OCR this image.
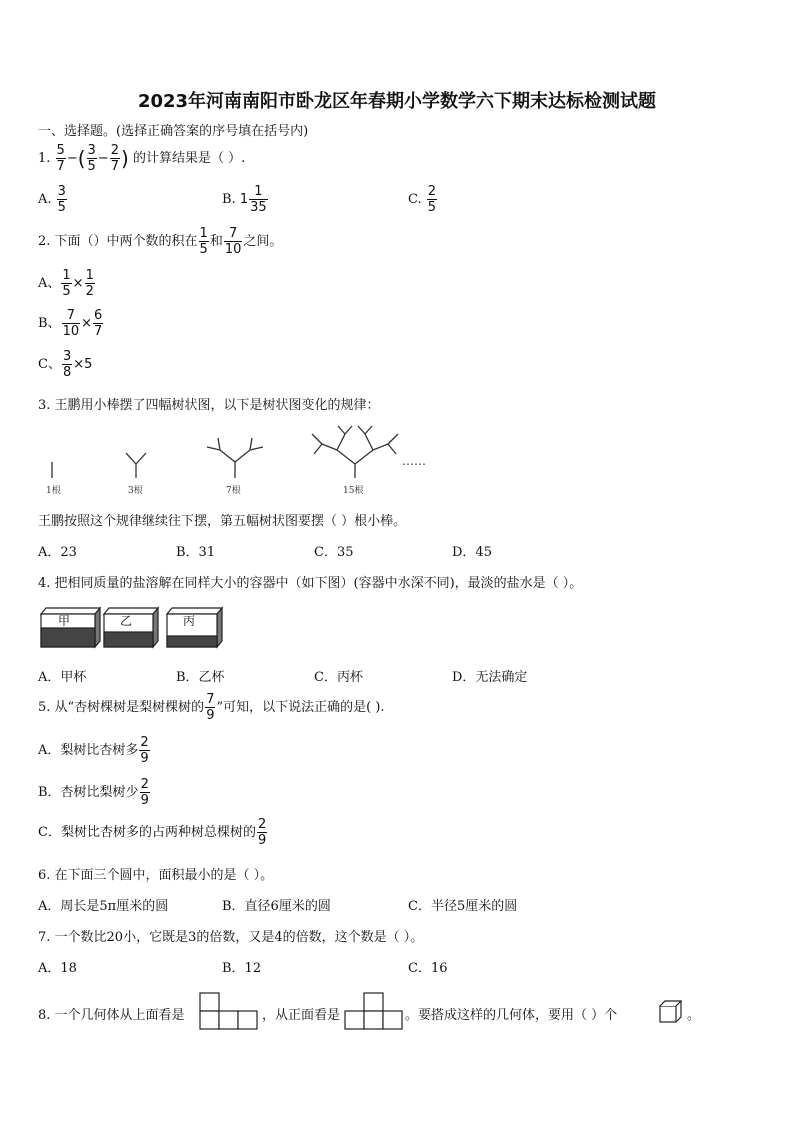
2023年河南南阳市卧龙区年春期小学数学六下期末达标检测试题
一、选择题。(选择正确答案的序号填在括号内)
1. $\frac{5}{7}$ −( $\frac{3}{5} - \frac{2}{7}$ ) 的计算结果是（ ）.
A. $\frac{3}{5}$	B. $1 \frac{1}{35}$	C. $\frac{2}{5}$
2. 下面（）中两个数的积在 $\frac{1}{5}$ 和 $\frac{7}{10}$ 之间。
A、 $\frac{1}{5} \times \frac{1}{2}$
B、 $\frac{7}{10} \times \frac{6}{7}$
C、 $\frac{3}{8} \times 5$
3. 王鹏用小棒摆了四幅树状图，以下是树状图变化的规律：
1根	3根	7根	15根
……
王鹏按照这个规律继续往下摆，第五幅树状图要摆（ ）根小棒。
A．23	B．31	C．35	D．45
4. 把相同质量的盐溶解在同样大小的容器中（如下图）(容器中水深不同)，最淡的盐水是（ ）。
甲	乙	丙
A．甲杯	B．乙杯	C．丙杯	D．无法确定
5. 从“杏树棵树是梨树棵树的 $\frac{7}{9}$ ”可知，以下说法正确的是( ).
A．梨树比杏树多 $\frac{2}{9}$
B．杏树比梨树少 $\frac{2}{9}$
C．梨树比杏树多的占两种树总棵树的 $\frac{2}{9}$
6. 在下面三个圆中，面积最小的是（ ）。
A．周长是5π厘米的圆	B．直径6厘米的圆	C．半径5厘米的圆
7. 一个数比20小，它既是3的倍数，又是4的倍数，这个数是（ ）。
A．18	B．12	C．16
8. 一个几何体从上面看是	，从正面看是	。要搭成这样的几何体，要用（ ）个	。
